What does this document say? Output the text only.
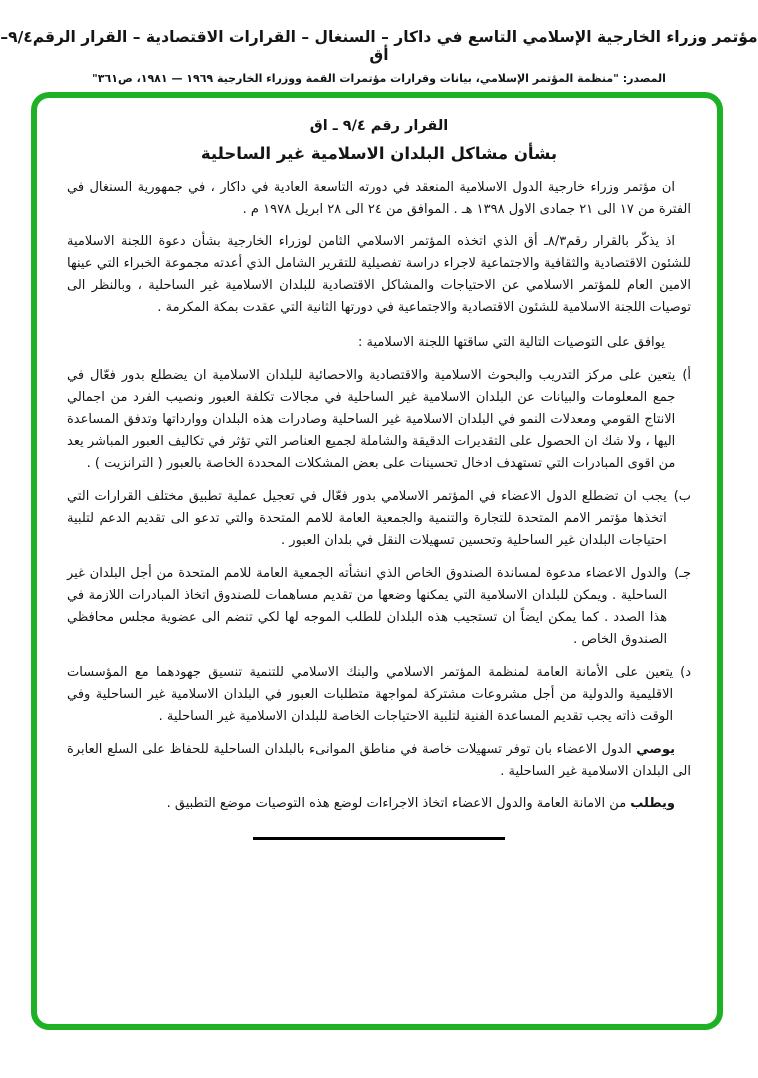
مؤتمر وزراء الخارجية الإسلامي التاسع في داكار – السنغال – القرارات الاقتصادية – القرار الرقم٩/٤– أق
المصدر: "منظمة المؤتمر الإسلامي، بيانات وقرارات مؤتمرات القمة ووزراء الخارجية ١٩٦٩ — ١٩٨١، ص٣٦١"
القرار رقم ٩/٤ ـ اق
بشأن مشاكل البلدان الاسلامية غير الساحلية

ان مؤتمر وزراء خارجية الدول الاسلامية المنعقد في دورته التاسعة العادية في داكار ، في جمهورية السنغال في الفترة من ١٧ الى ٢١ جمادى الاول ١٣٩٨ هـ . الموافق من ٢٤ الى ٢٨ ابريل ١٩٧٨ م .

اذ يذكّر بالقرار رقم٨/٣ـ أق الذي اتخذه المؤتمر الاسلامي الثامن لوزراء الخارجية بشأن دعوة اللجنة الاسلامية للشئون الاقتصادية والثقافية والاجتماعية لاجراء دراسة تفصيلية للتقرير الشامل الذي أعدته مجموعة الخبراء التي عينها الامين العام للمؤتمر الاسلامي عن الاحتياجات والمشاكل الاقتصادية للبلدان الاسلامية غير الساحلية ، وبالنظر الى توصيات اللجنة الاسلامية للشئون الاقتصادية والاجتماعية في دورتها الثانية التي عقدت بمكة المكرمة .

يوافق على التوصيات التالية التي ساقتها اللجنة الاسلامية :

أ)
يتعين على مركز التدريب والبحوث الاسلامية والاقتصادية والاحصائية للبلدان الاسلامية ان يضطلع بدور فعّال في جمع المعلومات والبيانات عن البلدان الاسلامية غير الساحلية في مجالات تكلفة العبور ونصيب الفرد من اجمالي الانتاج القومي ومعدلات النمو في البلدان الاسلامية غير الساحلية وصادرات هذه البلدان ووارداتها وتدفق المساعدة اليها ، ولا شك ان الحصول على التقديرات الدقيقة والشاملة لجميع العناصر التي تؤثر في تكاليف العبور المباشر يعد من اقوى المبادرات التي تستهدف ادخال تحسينات على بعض المشكلات المحددة الخاصة بالعبور ( الترانزيت ) .
ب)
يجب ان تضطلع الدول الاعضاء في المؤتمر الاسلامي بدور فعّال في تعجيل عملية تطبيق مختلف القرارات التي اتخذها مؤتمر الامم المتحدة للتجارة والتنمية والجمعية العامة للامم المتحدة والتي تدعو الى تقديم الدعم لتلبية احتياجات البلدان غير الساحلية وتحسين تسهيلات النقل في بلدان العبور .
جـ)
والدول الاعضاء مدعوة لمساندة الصندوق الخاص الذي انشأته الجمعية العامة للامم المتحدة من أجل البلدان غير الساحلية . ويمكن للبلدان الاسلامية التي يمكنها وضعها من تقديم مساهمات للصندوق اتخاذ المبادرات اللازمة في هذا الصدد . كما يمكن ايضاً ان تستجيب هذه البلدان للطلب الموجه لها لكي تنضم الى عضوية مجلس محافظي الصندوق الخاص .
د)
يتعين على الأمانة العامة لمنظمة المؤتمر الاسلامي والبنك الاسلامي للتنمية تنسيق جهودهما مع المؤسسات الاقليمية والدولية من أجل مشروعات مشتركة لمواجهة متطلبات العبور في البلدان الاسلامية غير الساحلية وفي الوقت ذاته يجب تقديم المساعدة الفنية لتلبية الاحتياجات الخاصة للبلدان الاسلامية غير الساحلية .

يوصي الدول الاعضاء بان توفر تسهيلات خاصة في مناطق الموانىء بالبلدان الساحلية للحفاظ على السلع العابرة الى البلدان الاسلامية غير الساحلية .

ويطلب من الامانة العامة والدول الاعضاء اتخاذ الاجراءات لوضع هذه التوصيات موضع التطبيق .
